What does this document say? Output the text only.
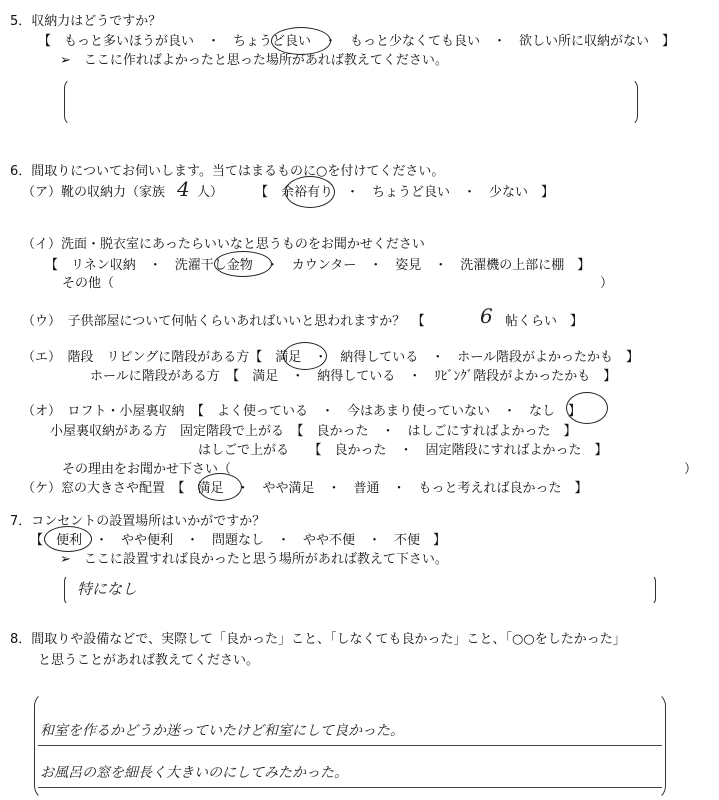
5．収納力はどうですか？
【　もっと多いほうが良い　・　ちょうど良い　・　もっと少なくても良い　・　欲しい所に収納がない　】
➢　ここに作ればよかったと思った場所があれば教えてください。
6．間取りについてお伺いします。当てはまるものに○を付けてください。
（ア）靴の収納力（家族 4 人） 【　余裕有り　・　ちょうど良い　・　少ない　】
（イ）洗面・脱衣室にあったらいいなと思うものをお聞かせください
【　リネン収納　・　洗濯干し金物　・　カウンター　・　姿見　・　洗濯機の上部に棚　】
その他（	）
（ウ）　子供部屋について何帖くらいあればいいと思われますか？　【	6 帖くらい　】
（エ）　階段　リビングに階段がある方【　満足　・　納得している　・　ホール階段がよかったかも　】
ホールに階段がある方　【　満足　・　納得している　・　ﾘﾋﾞﾝｸﾞ階段がよかったかも　】
（オ）　ロフト・小屋裏収納　【　よく使っている　・　今はあまり使っていない　・　なし　】
小屋裏収納がある方　固定階段で上がる　【　良かった　・　はしごにすればよかった　】
はしごで上がる　　【　良かった　・　固定階段にすればよかった　】
その理由をお聞かせ下さい（	）
（ケ）窓の大きさや配置　【　満足　・　やや満足　・　普通　・　もっと考えれば良かった　】
7．コンセントの設置場所はいかがですか？
【　便利　・　やや便利　・　問題なし　・　やや不便　・　不便　】
➢　ここに設置すれば良かったと思う場所があれば教えて下さい。
特になし
8．間取りや設備などで、実際して「良かった」こと、「しなくても良かった」こと、「○○をしたかった」
と思うことがあれば教えてください。
和室を作るかどうか迷っていたけど和室にして良かった。
お風呂の窓を細長く大きいのにしてみたかった。
